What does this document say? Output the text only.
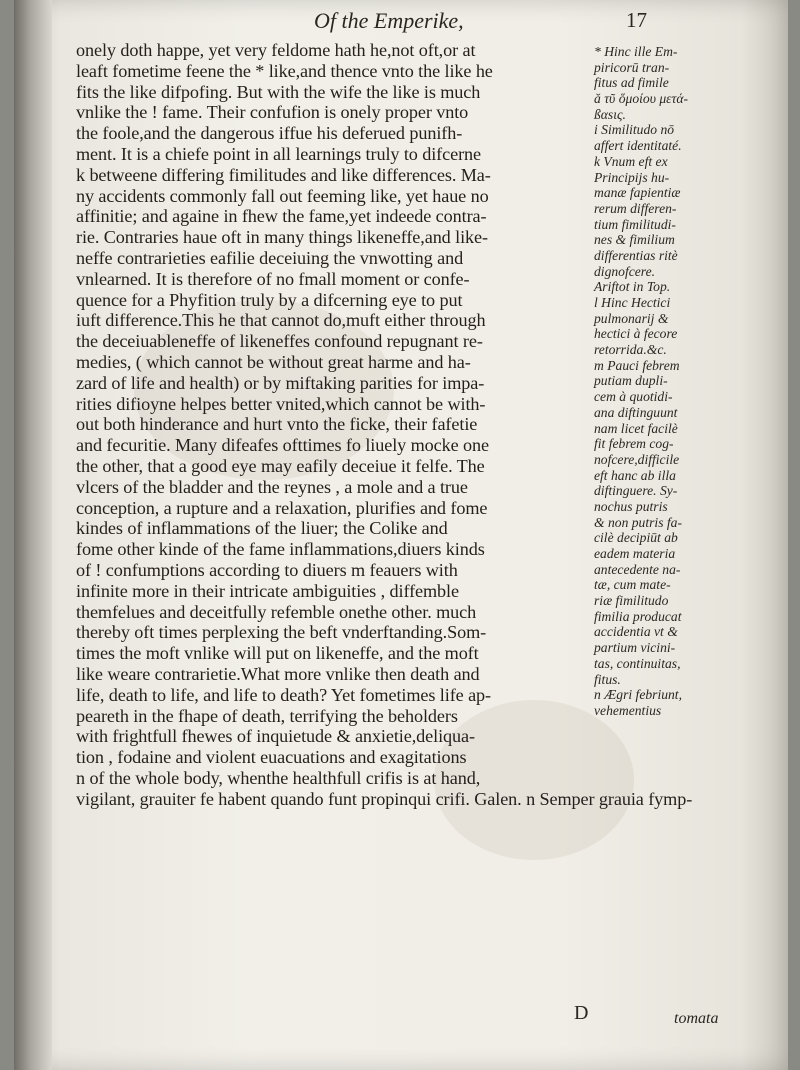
Of the Emperike,	17
onely doth happe, yet very feldome hath he,not oft,or at
leaft fometime feene the * like,and thence vnto the like he
fits the like difpofing. But with the wife the like is much
vnlike the ! fame. Their confufion is onely proper vnto
the foole,and the dangerous iffue his deferued punifh-
ment. It is a chiefe point in all learnings truly to difcerne
k betweene differing fimilitudes and like differences. Ma-
ny accidents commonly fall out feeming like, yet haue no
affinitie; and againe in fhew the fame,yet indeede contra-
rie. Contraries haue oft in many things likeneffe,and like-
neffe contrarieties eafilie deceiuing the vnwotting and
vnlearned. It is therefore of no fmall moment or confe-
quence for a Phyfition truly by a difcerning eye to put
iuft difference.This he that cannot do,muft either through
the deceiuableneffe of likeneffes confound repugnant re-
medies, ( which cannot be without great harme and ha-
zard of life and health) or by miftaking parities for impa-
rities difioyne helpes better vnited,which cannot be with-
out both hinderance and hurt vnto the ficke, their fafetie
and fecuritie. Many difeafes ofttimes fo liuely mocke one
the other, that a good eye may eafily deceiue it felfe. The
vlcers of the bladder and the reynes , a mole and a true
conception, a rupture and a relaxation, plurifies and fome
kindes of inflammations of the liuer; the Colike and
fome other kinde of the fame inflammations,diuers kinds
of ! confumptions according to diuers m feauers with
infinite more in their intricate ambiguities , diffemble
themfelues and deceitfully refemble onethe other. much
thereby oft times perplexing the beft vnderftanding.Som-
times the moft vnlike will put on likeneffe, and the moft
like weare contrarietie.What more vnlike then death and
life, death to life, and life to death? Yet fometimes life ap-
peareth in the fhape of death, terrifying the beholders
with frightfull fhewes of inquietude & anxietie,deliqua-
tion , fodaine and violent euacuations and exagitations
n of the whole body, whenthe healthfull crifis is at hand,
vigilant, grauiter fe habent quando funt propinqui crifi. Galen. n Semper grauia fymp-
* Hinc ille Em-
piricorū tran-
fitus ad fimile
ă τῦ ὅμοίου μετά-
ßαsις.
i Similitudo nō
affert identitaté.
k Vnum eft ex
Principijs hu-
manæ fapientiæ
rerum differen-
tium fimilitudi-
nes & fimilium
differentias ritè
dignofcere.
Ariftot in Top.
l Hinc Hectici
pulmonarij &
hectici à fecore
retorrida.&c.
m Pauci febrem
putiam dupli-
cem à quotidi-
ana diftinguunt
nam licet facilè
fit febrem cog-
nofcere,difficile
eft hanc ab illa
diftinguere. Sy-
nochus putris
& non putris fa-
cilè decipiūt ab
eadem materia
antecedente na-
tæ, cum mate-
riæ fimilitudo
fimilia producat
accidentia vt &
partium vicini-
tas, continuitas,
fitus.
n Ægri febriunt,
vehementius
D	tomata
